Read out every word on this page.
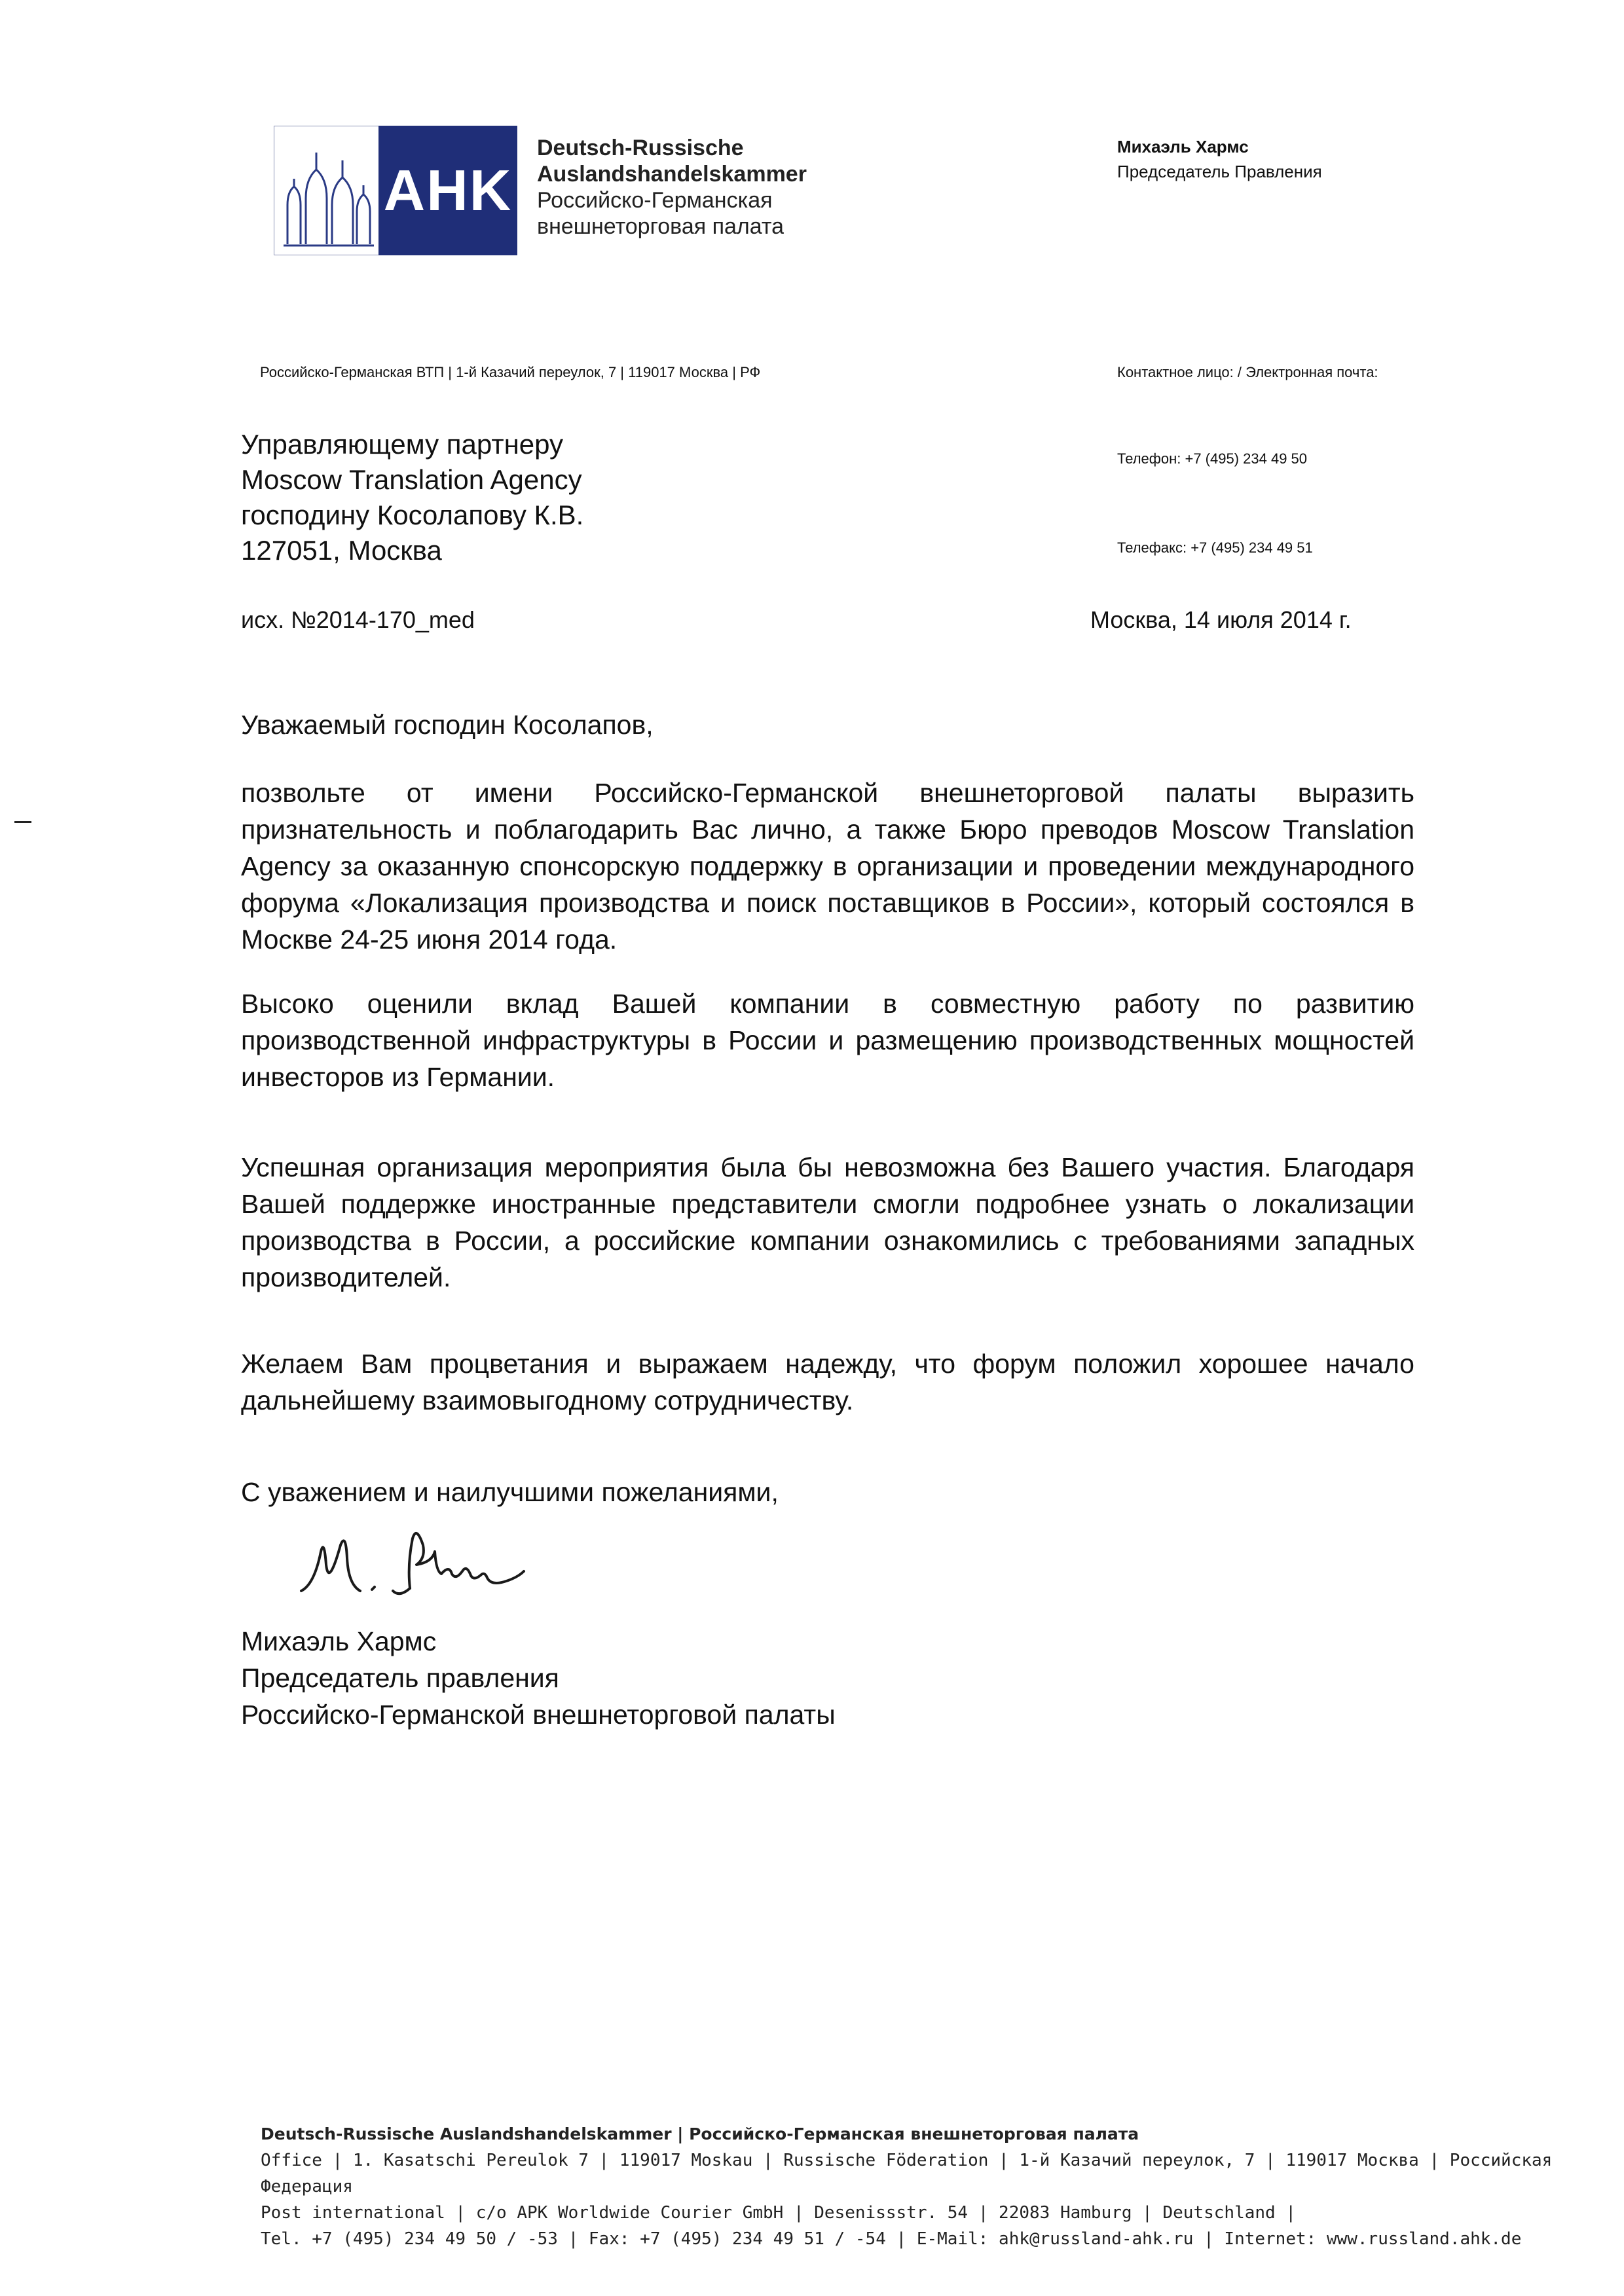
AHK
Deutsch-Russische
Auslandshandelskammer
Российско-Германская
внешнеторговая палата
Михаэль Хармс
Председатель Правления
Российско-Германская ВТП | 1-й Казачий переулок, 7 | 119017 Москва | РФ	Контактное лицо: / Электронная почта:
Телефон: +7 (495) 234 49 50
Телефакс: +7 (495) 234 49 51
Управляющему партнеру
Moscow Translation Agency
господину Косолапову К.В.
127051, Москва
исх. №2014-170_med	Москва, 14 июля 2014 г.
Уважаемый господин Косолапов,
позвольте от имени Российско-Германской внешнеторговой палаты выразить признательность и поблагодарить Вас лично, а также Бюро преводов Moscow Translation Agency за оказанную спонсорскую поддержку в организации и проведении международного форума «Локализация производства и поиск поставщиков в России», который состоялся в Москве 24-25 июня 2014 года.
Высоко оценили вклад Вашей компании в совместную работу по развитию производственной инфраструктуры в России и размещению производственных мощностей инвесторов из Германии.
Успешная организация мероприятия была бы невозможна без Вашего участия. Благодаря Вашей поддержке иностранные представители смогли подробнее узнать о локализации производства в России, а российские компании ознакомились с требованиями западных производителей.
Желаем Вам процветания и выражаем надежду, что форум положил хорошее начало дальнейшему взаимовыгодному сотрудничеству.
С уважением и наилучшими пожеланиями,
Михаэль Хармс
Председатель правления
Российско-Германской внешнеторговой палаты
Deutsch-Russische Auslandshandelskammer | Российско-Германская внешнеторговая палата
Office | 1. Kasatschi Pereulok 7 | 119017 Moskau | Russische Föderation | 1-й Казачий переулок, 7 | 119017 Москва | Российская Федерация
Post international | c/o APK Worldwide Courier GmbH | Desenissstr. 54 | 22083 Hamburg | Deutschland |
Tel. +7 (495) 234 49 50 / -53 | Fax: +7 (495) 234 49 51 / -54 | E-Mail: ahk@russland-ahk.ru | Internet: www.russland.ahk.de
